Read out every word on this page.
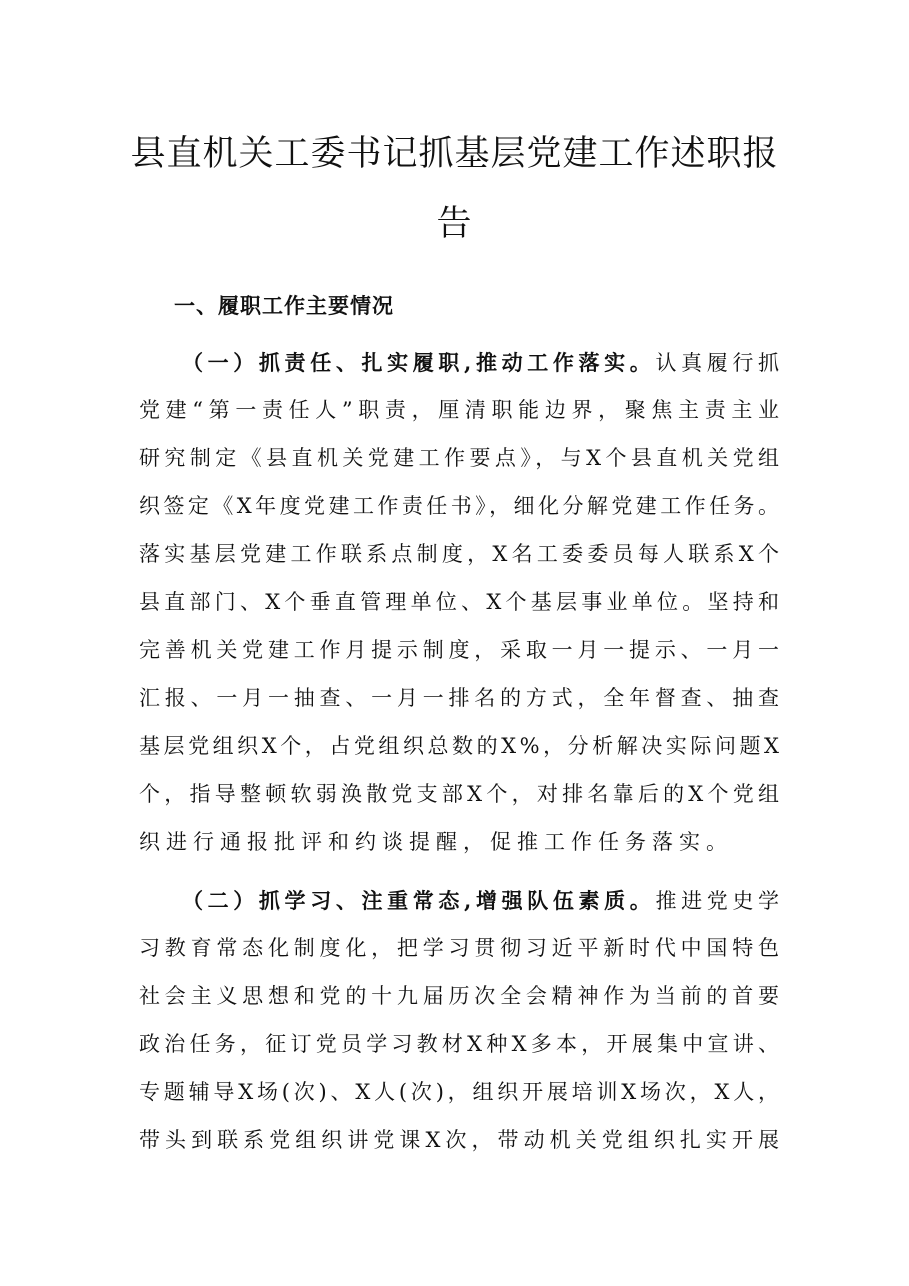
县直机关工委书记抓基层党建工作述职报
告
一、履职工作主要情况
（一）抓责任、扎实履职,推动工作落实。认真履行抓
党建“第一责任人”职责，厘清职能边界，聚焦主责主业
研究制定《县直机关党建工作要点》，与X个县直机关党组
织签定《X年度党建工作责任书》，细化分解党建工作任务。
落实基层党建工作联系点制度，X名工委委员每人联系X个
县直部门、X个垂直管理单位、X个基层事业单位。坚持和
完善机关党建工作月提示制度，采取一月一提示、一月一
汇报、一月一抽查、一月一排名的方式，全年督查、抽查
基层党组织X个，占党组织总数的X%，分析解决实际问题X
个，指导整顿软弱涣散党支部X个，对排名靠后的X个党组
织进行通报批评和约谈提醒，促推工作任务落实。
（二）抓学习、注重常态,增强队伍素质。推进党史学
习教育常态化制度化，把学习贯彻习近平新时代中国特色
社会主义思想和党的十九届历次全会精神作为当前的首要
政治任务，征订党员学习教材X种X多本，开展集中宣讲、
专题辅导X场(次)、X人(次)，组织开展培训X场次，X人，
带头到联系党组织讲党课X次，带动机关党组织扎实开展
